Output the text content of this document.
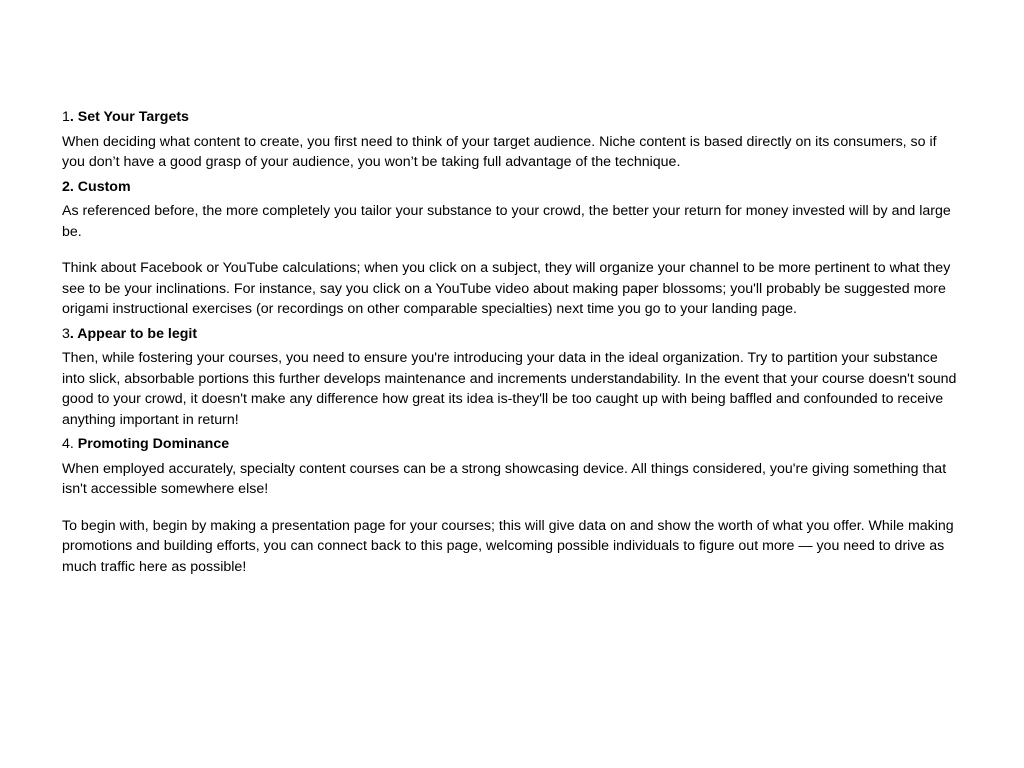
1. Set Your Targets

When deciding what content to create, you first need to think of your target audience. Niche content is based directly on its consumers, so if you don’t have a good grasp of your audience, you won’t be taking full advantage of the technique.

2. Custom

As referenced before, the more completely you tailor your substance to your crowd, the better your return for money invested will by and large be.

Think about Facebook or YouTube calculations; when you click on a subject, they will organize your channel to be more pertinent to what they see to be your inclinations. For instance, say you click on a YouTube video about making paper blossoms; you'll probably be suggested more origami instructional exercises (or recordings on other comparable specialties) next time you go to your landing page.

3. Appear to be legit

Then, while fostering your courses, you need to ensure you're introducing your data in the ideal organization. Try to partition your substance into slick, absorbable portions this further develops maintenance and increments understandability. In the event that your course doesn't sound good to your crowd, it doesn't make any difference how great its idea is-they'll be too caught up with being baffled and confounded to receive anything important in return!

4. Promoting Dominance

When employed accurately, specialty content courses can be a strong showcasing device. All things considered, you're giving something that isn't accessible somewhere else!

To begin with, begin by making a presentation page for your courses; this will give data on and show the worth of what you offer. While making promotions and building efforts, you can connect back to this page, welcoming possible individuals to figure out more — you need to drive as much traffic here as possible!
